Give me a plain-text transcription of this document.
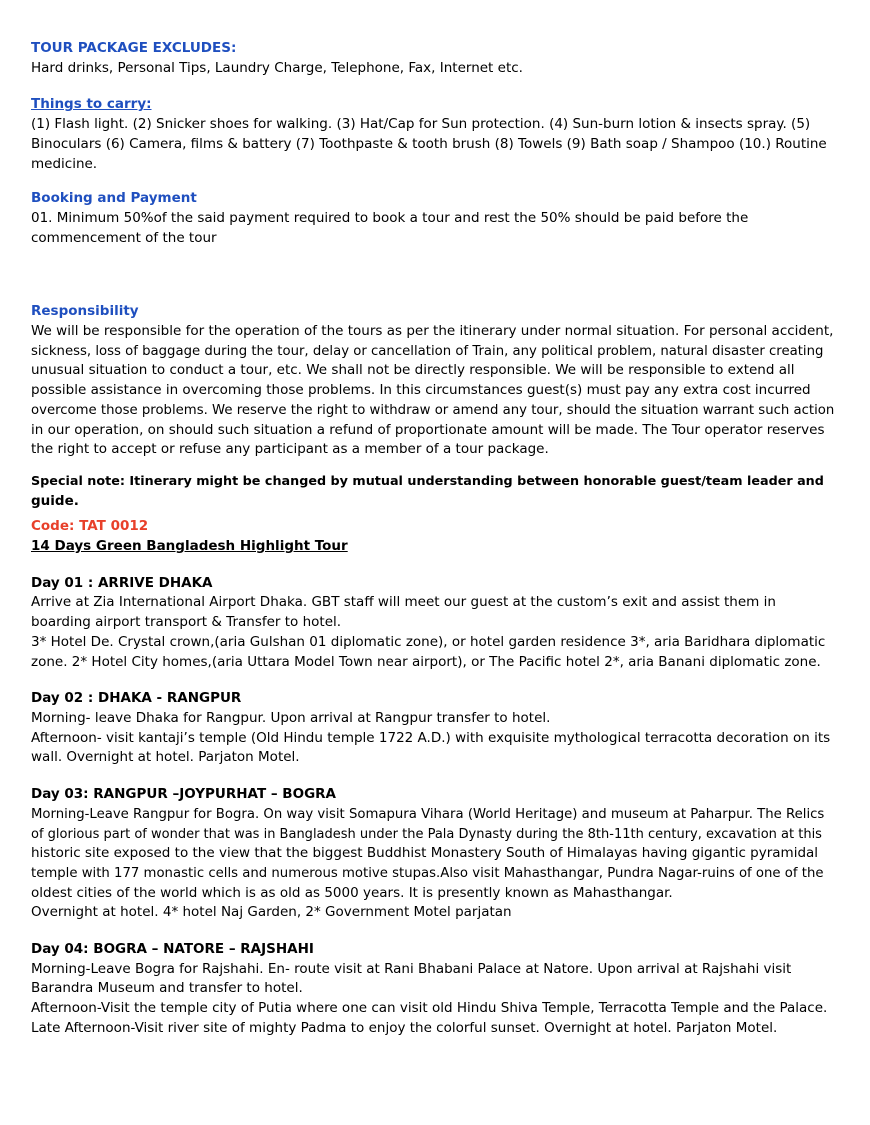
TOUR PACKAGE EXCLUDES:
Hard drinks, Personal Tips, Laundry Charge, Telephone, Fax, Internet etc.
Things to carry:
(1) Flash light. (2) Snicker shoes for walking. (3) Hat/Cap for Sun protection. (4) Sun-burn lotion & insects spray. (5)
Binoculars (6) Camera, films & battery (7) Toothpaste & tooth brush (8) Towels (9) Bath soap / Shampoo (10.) Routine
medicine.
Booking and Payment
01. Minimum 50%of the said payment required to book a tour and rest the 50% should be paid before the
commencement of the tour
Responsibility
We will be responsible for the operation of the tours as per the itinerary under normal situation. For personal accident,
sickness, loss of baggage during the tour, delay or cancellation of Train, any political problem, natural disaster creating
unusual situation to conduct a tour, etc. We shall not be directly responsible. We will be responsible to extend all
possible assistance in overcoming those problems. In this circumstances guest(s) must pay any extra cost incurred
overcome those problems. We reserve the right to withdraw or amend any tour, should the situation warrant such action
in our operation, on should such situation a refund of proportionate amount will be made. The Tour operator reserves
the right to accept or refuse any participant as a member of a tour package.
Special note: Itinerary might be changed by mutual understanding between honorable guest/team leader and
guide.
Code: TAT 0012
14 Days Green Bangladesh Highlight Tour
Day 01 : ARRIVE DHAKA
Arrive at Zia International Airport Dhaka. GBT staff will meet our guest at the custom’s exit and assist them in
boarding airport transport & Transfer to hotel.
3* Hotel De. Crystal crown,(aria Gulshan 01 diplomatic zone), or hotel garden residence 3*, aria Baridhara diplomatic
zone. 2* Hotel City homes,(aria Uttara Model Town near airport), or The Pacific hotel 2*, aria Banani diplomatic zone.
Day 02 : DHAKA - RANGPUR
Morning- leave Dhaka for Rangpur. Upon arrival at Rangpur transfer to hotel.
Afternoon- visit kantaji’s temple (Old Hindu temple 1722 A.D.) with exquisite mythological terracotta decoration on its
wall. Overnight at hotel. Parjaton Motel.
Day 03: RANGPUR –JOYPURHAT – BOGRA
Morning-Leave Rangpur for Bogra. On way visit Somapura Vihara (World Heritage) and museum at Paharpur. The Relics
of glorious part of wonder that was in Bangladesh under the Pala Dynasty during the 8th-11th century, excavation at this
historic site exposed to the view that the biggest Buddhist Monastery South of Himalayas having gigantic pyramidal
temple with 177 monastic cells and numerous motive stupas.Also visit Mahasthangar, Pundra Nagar-ruins of one of the
oldest cities of the world which is as old as 5000 years. It is presently known as Mahasthangar.
Overnight at hotel. 4* hotel Naj Garden, 2* Government Motel parjatan
Day 04: BOGRA – NATORE – RAJSHAHI
Morning-Leave Bogra for Rajshahi. En- route visit at Rani Bhabani Palace at Natore. Upon arrival at Rajshahi visit
Barandra Museum and transfer to hotel.
Afternoon-Visit the temple city of Putia where one can visit old Hindu Shiva Temple, Terracotta Temple and the Palace.
Late Afternoon-Visit river site of mighty Padma to enjoy the colorful sunset. Overnight at hotel. Parjaton Motel.
